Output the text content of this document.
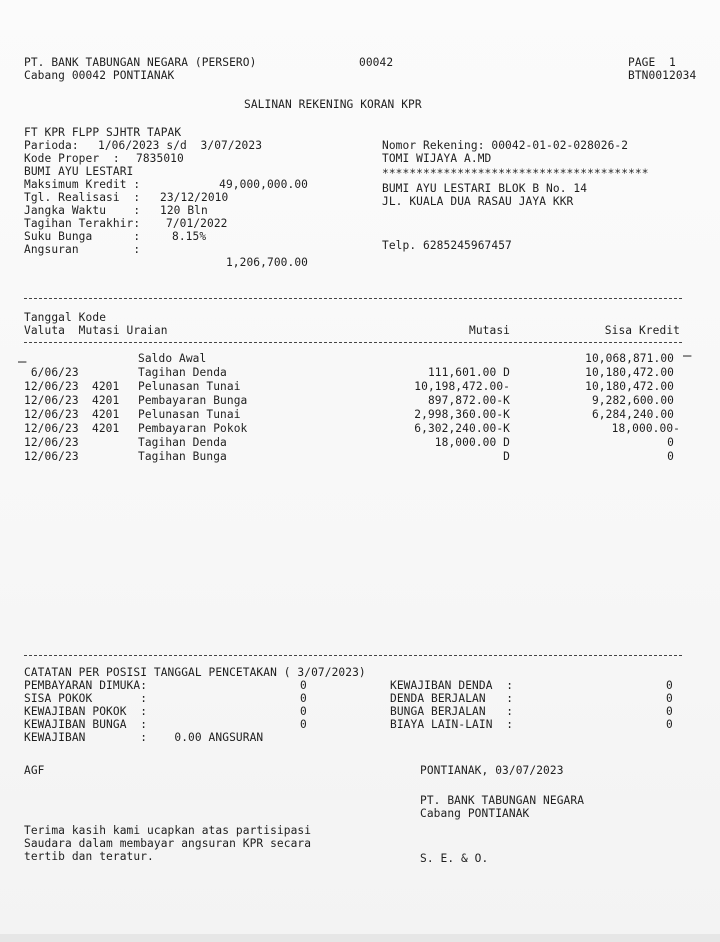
PT. BANK TABUNGAN NEGARA (PERSERO)
Cabang 00042 PONTIANAK
00042	PAGE  1
BTN0012034
SALINAN REKENING KORAN KPR
FT KPR FLPP SJHTR TAPAK
Parioda: 1/06/2023 s/d  3/07/2023
Kode Proper  : 7835010
BUMI AYU LESTARI
Maksimum Kredit :	49,000,000.00
Tgl. Realisasi  : 23/12/2010
Jangka Waktu    : 120 Bln
Tagihan Terakhir: 7/01/2022
Suku Bunga      :	8.15%
Angsuran        :
1,206,700.00
Nomor Rekening: 00042-01-02-028026-2
TOMI WIJAYA A.MD
***************************************
BUMI AYU LESTARI BLOK B No. 14
JL. KUALA DUA RASAU JAYA KKR
Telp. 6285245967457
Tanggal Kode
Valuta  Mutasi Uraian	Mutasi	Sisa Kredit
–	–
Saldo Awal	10,068,871.00
6/06/23	Tagihan Denda	111,601.00 D	10,180,472.00
12/06/23 4201 Pelunasan Tunai	10,198,472.00-	10,180,472.00
12/06/23 4201 Pembayaran Bunga	897,872.00-K	9,282,600.00
12/06/23 4201 Pelunasan Tunai	2,998,360.00-K	6,284,240.00
12/06/23 4201 Pembayaran Pokok	6,302,240.00-K	18,000.00-
12/06/23	Tagihan Denda	18,000.00 D	0
12/06/23	Tagihan Bunga	D	0
CATATAN PER POSISI TANGGAL PENCETAKAN ( 3/07/2023)
PEMBAYARAN DIMUKA:	0
SISA POKOK       :	0
KEWAJIBAN POKOK  :	0
KEWAJIBAN BUNGA  :	0
KEWAJIBAN        :    0.00 ANGSURAN
KEWAJIBAN DENDA  :	0
DENDA BERJALAN   :	0
BUNGA BERJALAN   :	0
BIAYA LAIN-LAIN  :	0
AGF	PONTIANAK, 03/07/2023
PT. BANK TABUNGAN NEGARA
Cabang PONTIANAK
Terima kasih kami ucapkan atas partisipasi
Saudara dalam membayar angsuran KPR secara
tertib dan teratur.	S. E. & O.
